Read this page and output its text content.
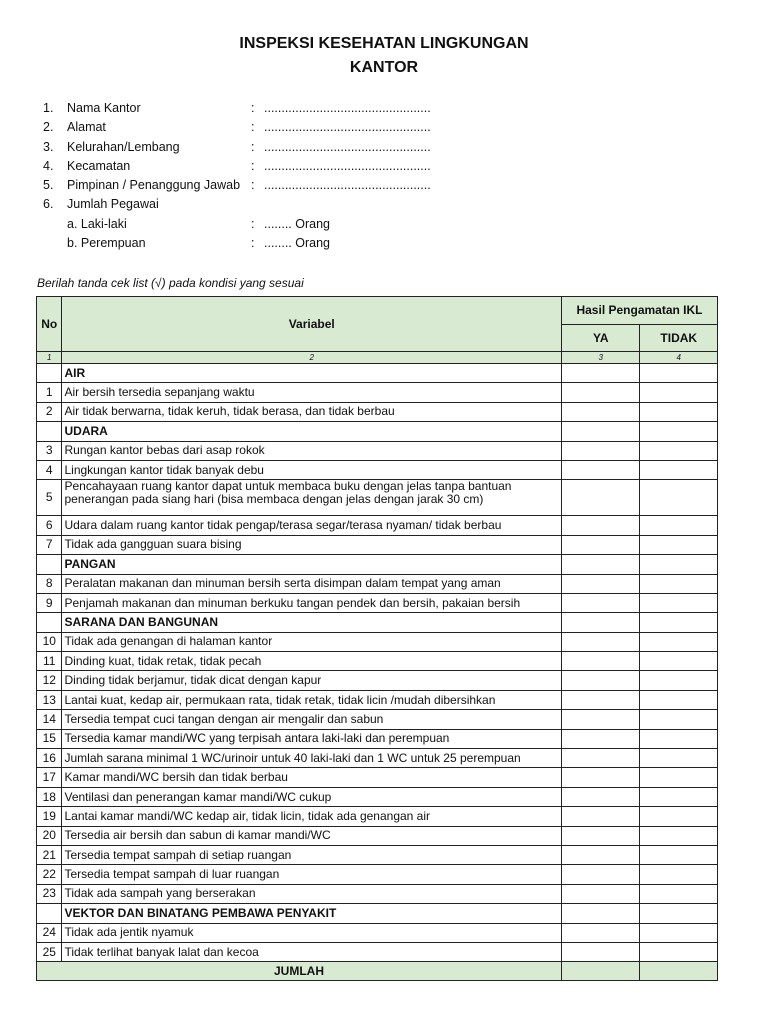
INSPEKSI KESEHATAN LINGKUNGAN
KANTOR
1. Nama Kantor	: ................................................
2. Alamat	: ................................................
3. Kelurahan/Lembang	: ................................................
4. Kecamatan	: ................................................
5. Pimpinan / Penanggung Jawab : ................................................
6. Jumlah Pegawai
a. Laki-laki	: ........ Orang
b. Perempuan	: ........ Orang
Berilah tanda cek list (√) pada kondisi yang sesuai
No	Variabel	Hasil Pengamatan IKL	
		YA	TIDAK
1	2	3	4
	AIR		
1	Air bersih tersedia sepanjang waktu		
2	Air tidak berwarna, tidak keruh, tidak berasa, dan tidak berbau		
	UDARA		
3	Rungan kantor bebas dari asap rokok		
4	Lingkungan kantor tidak banyak debu		
5	Pencahayaan ruang kantor dapat untuk membaca buku dengan jelas tanpa bantuan
penerangan pada siang hari (bisa membaca dengan jelas dengan jarak 30 cm)		

6	Udara dalam ruang kantor tidak pengap/terasa segar/terasa nyaman/ tidak berbau		
7	Tidak ada gangguan suara bising		
	PANGAN		
8	Peralatan makanan dan minuman bersih serta disimpan dalam tempat yang aman		
9	Penjamah makanan dan minuman berkuku tangan pendek dan bersih, pakaian bersih		
	SARANA DAN BANGUNAN		
10	Tidak ada genangan di halaman kantor		
11	Dinding kuat, tidak retak, tidak pecah		
12	Dinding tidak berjamur, tidak dicat dengan kapur		
13	Lantai kuat, kedap air, permukaan rata, tidak retak, tidak licin /mudah dibersihkan		
14	Tersedia tempat cuci tangan dengan air mengalir dan sabun		
15	Tersedia kamar mandi/WC yang terpisah antara laki-laki dan perempuan		
16	Jumlah sarana minimal 1 WC/urinoir untuk 40 laki-laki dan 1 WC untuk 25 perempuan		
17	Kamar mandi/WC bersih dan tidak berbau		
18	Ventilasi dan penerangan kamar mandi/WC cukup		
19	Lantai kamar mandi/WC kedap air, tidak licin, tidak ada genangan air		
20	Tersedia air bersih dan sabun di kamar mandi/WC		
21	Tersedia tempat sampah di setiap ruangan		
22	Tersedia tempat sampah di luar ruangan		
23	Tidak ada sampah yang berserakan		
	VEKTOR DAN BINATANG PEMBAWA PENYAKIT		
24	Tidak ada jentik nyamuk		
25	Tidak terlihat banyak lalat dan kecoa		
JUMLAH			
